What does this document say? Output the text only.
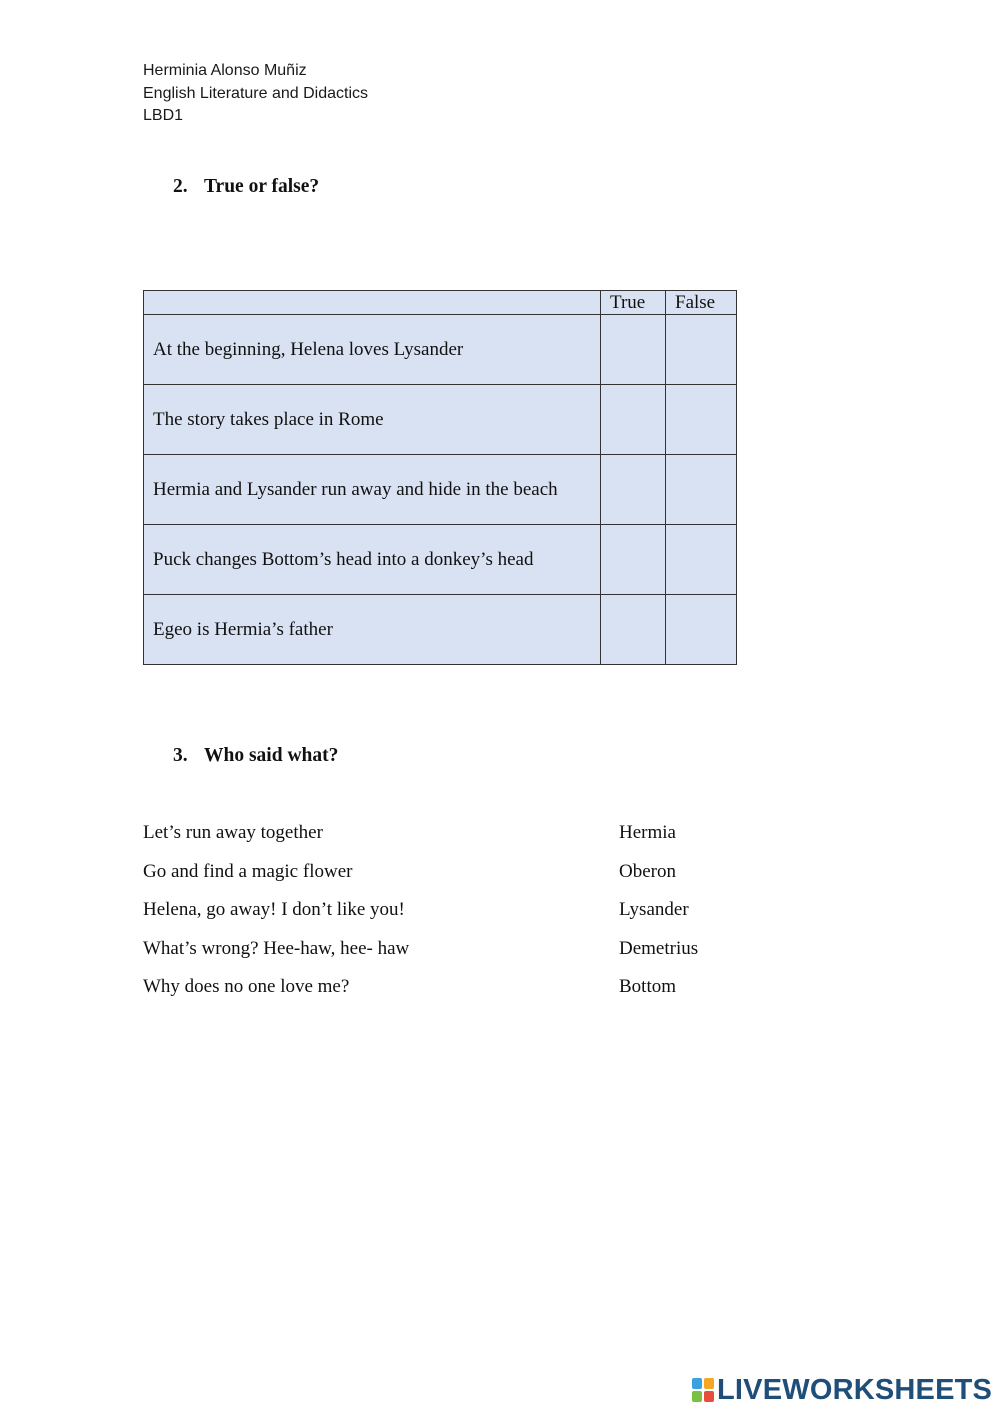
Herminia Alonso Muñiz
English Literature and Didactics
LBD1
2. True or false?
	True	False
At the beginning, Helena loves Lysander		
The story takes place in Rome		
Hermia and Lysander run away and hide in the beach		
Puck changes Bottom’s head into a donkey’s head		
Egeo is Hermia’s father		
3. Who said what?
Let’s run away together	Hermia
Go and find a magic flower	Oberon
Helena, go away! I don’t like you!	Lysander
What’s wrong? Hee-haw, hee- haw	Demetrius
Why does no one love me?	Bottom
LIVEWORKSHEETS
